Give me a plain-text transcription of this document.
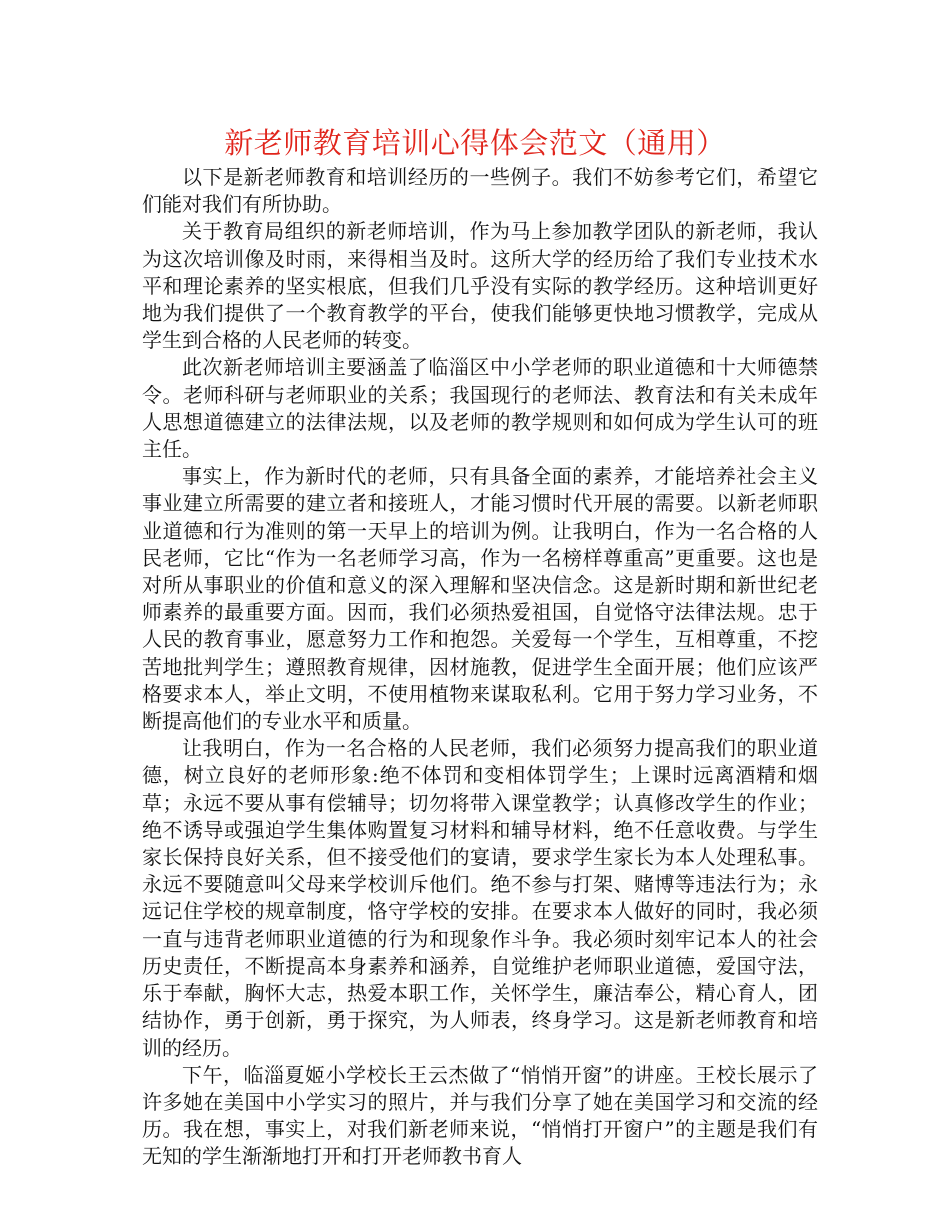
新老师教育培训心得体会范文（通用）

以下是新老师教育和培训经历的一些例子。我们不妨参考它们，希望它们能对我们有所协助。

关于教育局组织的新老师培训，作为马上参加教学团队的新老师，我认为这次培训像及时雨，来得相当及时。这所大学的经历给了我们专业技术水平和理论素养的坚实根底，但我们几乎没有实际的教学经历。这种培训更好地为我们提供了一个教育教学的平台，使我们能够更快地习惯教学，完成从学生到合格的人民老师的转变。

此次新老师培训主要涵盖了临淄区中小学老师的职业道德和十大师德禁令。老师科研与老师职业的关系；我国现行的老师法、教育法和有关未成年人思想道德建立的法律法规，以及老师的教学规则和如何成为学生认可的班主任。

事实上，作为新时代的老师，只有具备全面的素养，才能培养社会主义事业建立所需要的建立者和接班人，才能习惯时代开展的需要。以新老师职业道德和行为准则的第一天早上的培训为例。让我明白，作为一名合格的人民老师，它比“作为一名老师学习高，作为一名榜样尊重高”更重要。这也是对所从事职业的价值和意义的深入理解和坚决信念。这是新时期和新世纪老师素养的最重要方面。因而，我们必须热爱祖国，自觉恪守法律法规。忠于人民的教育事业，愿意努力工作和抱怨。关爱每一个学生，互相尊重，不挖苦地批判学生；遵照教育规律，因材施教，促进学生全面开展；他们应该严格要求本人，举止文明，不使用植物来谋取私利。它用于努力学习业务，不断提高他们的专业水平和质量。

让我明白，作为一名合格的人民老师，我们必须努力提高我们的职业道德，树立良好的老师形象:绝不体罚和变相体罚学生；上课时远离酒精和烟草；永远不要从事有偿辅导；切勿将带入课堂教学；认真修改学生的作业；绝不诱导或强迫学生集体购置复习材料和辅导材料，绝不任意收费。与学生家长保持良好关系，但不接受他们的宴请，要求学生家长为本人处理私事。永远不要随意叫父母来学校训斥他们。绝不参与打架、赌博等违法行为；永远记住学校的规章制度，恪守学校的安排。在要求本人做好的同时，我必须一直与违背老师职业道德的行为和现象作斗争。我必须时刻牢记本人的社会历史责任，不断提高本身素养和涵养，自觉维护老师职业道德，爱国守法，乐于奉献，胸怀大志，热爱本职工作，关怀学生，廉洁奉公，精心育人，团结协作，勇于创新，勇于探究，为人师表，终身学习。这是新老师教育和培训的经历。

下午，临淄夏姬小学校长王云杰做了“悄悄开窗”的讲座。王校长展示了许多她在美国中小学实习的照片，并与我们分享了她在美国学习和交流的经历。我在想，事实上，对我们新老师来说，“悄悄打开窗户”的主题是我们有无知的学生渐渐地打开和打开老师教书育人
